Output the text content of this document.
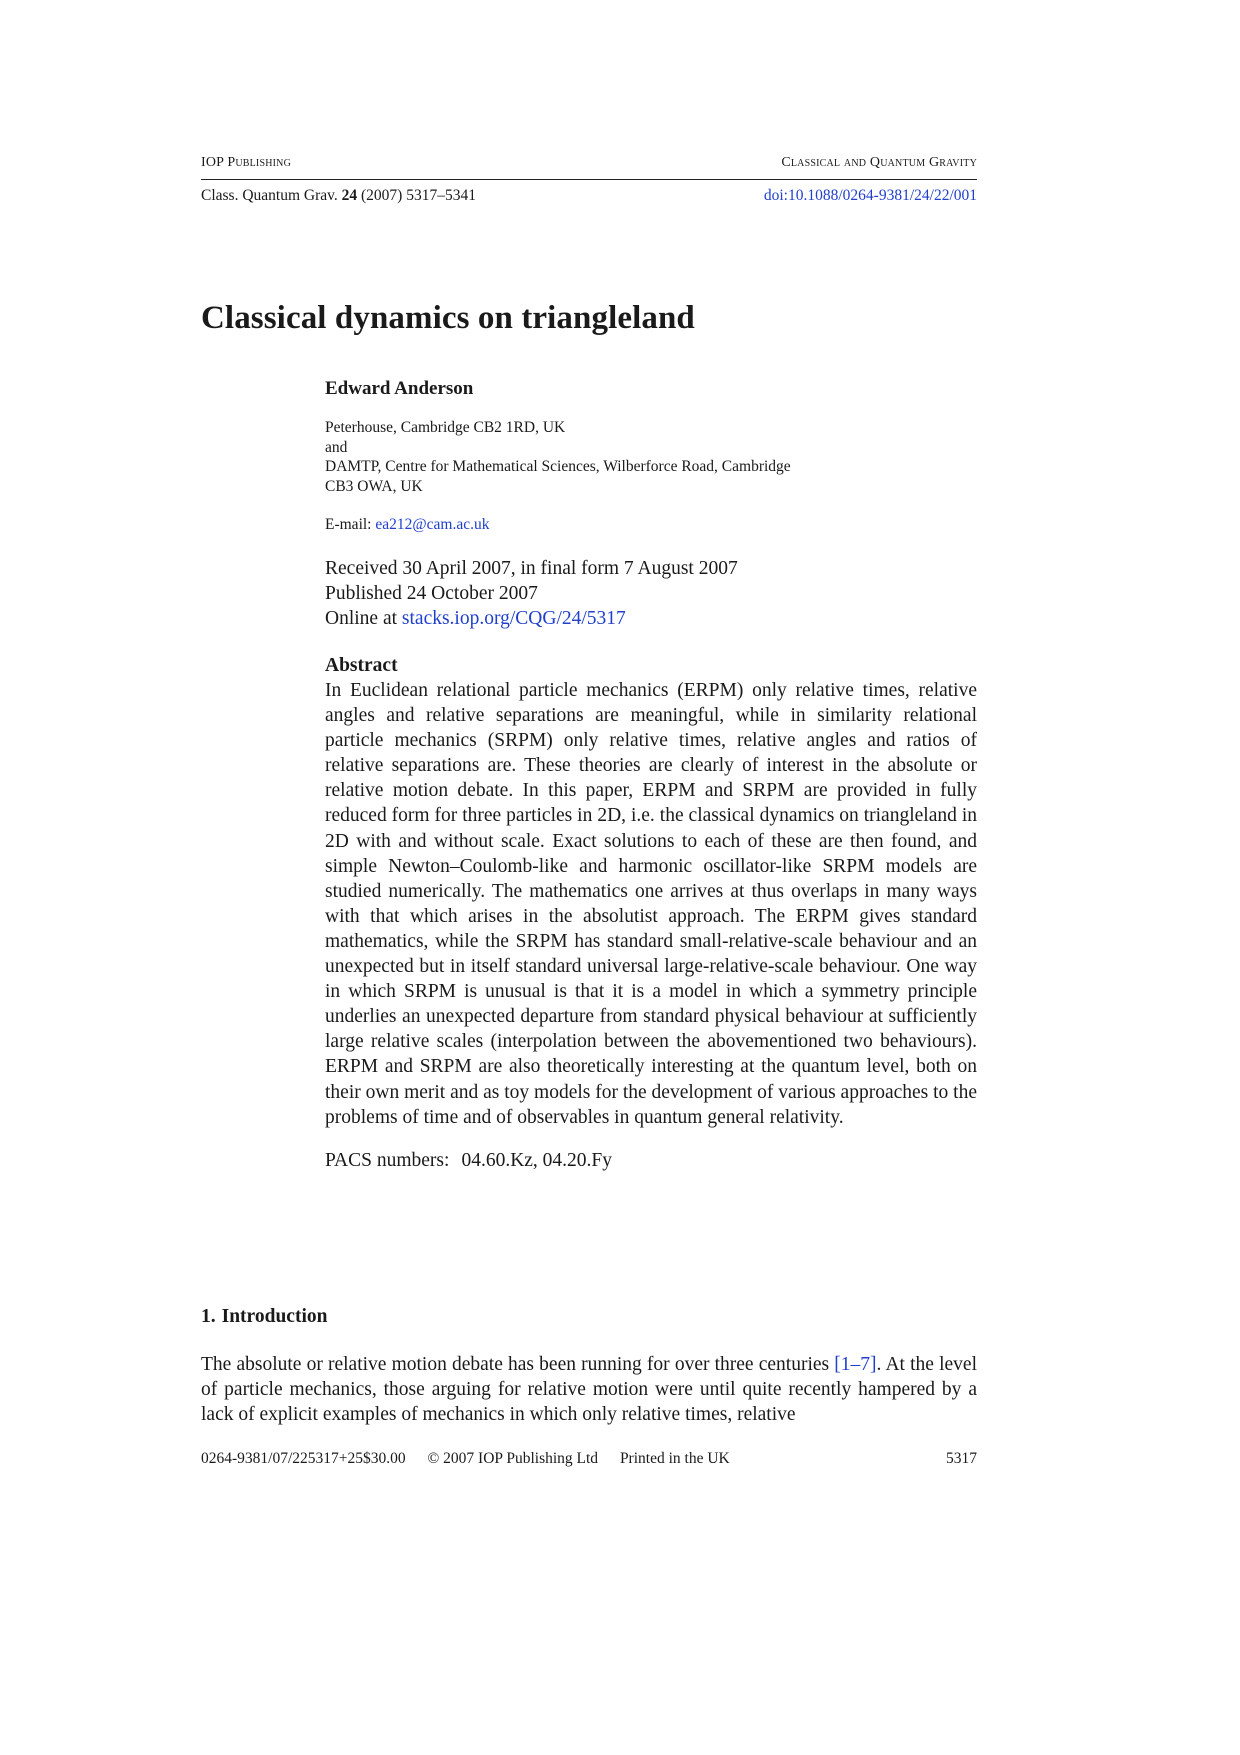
IOP Publishing	Classical and Quantum Gravity
Class. Quantum Grav. 24 (2007) 5317–5341	doi:10.1088/0264-9381/24/22/001
Classical dynamics on triangleland

Edward Anderson

Peterhouse, Cambridge CB2 1RD, UK
and
DAMTP, Centre for Mathematical Sciences, Wilberforce Road, Cambridge
CB3 OWA, UK

E-mail: ea212@cam.ac.uk

Received 30 April 2007, in final form 7 August 2007
Published 24 October 2007
Online at stacks.iop.org/CQG/24/5317

Abstract

In Euclidean relational particle mechanics (ERPM) only relative times, relative angles and relative separations are meaningful, while in similarity relational particle mechanics (SRPM) only relative times, relative angles and ratios of relative separations are. These theories are clearly of interest in the absolute or relative motion debate. In this paper, ERPM and SRPM are provided in fully reduced form for three particles in 2D, i.e. the classical dynamics on triangleland in 2D with and without scale. Exact solutions to each of these are then found, and simple Newton–Coulomb-like and harmonic oscillator-like SRPM models are studied numerically. The mathematics one arrives at thus overlaps in many ways with that which arises in the absolutist approach. The ERPM gives standard mathematics, while the SRPM has standard small-relative-scale behaviour and an unexpected but in itself standard universal large-relative-scale behaviour. One way in which SRPM is unusual is that it is a model in which a symmetry principle underlies an unexpected departure from standard physical behaviour at sufficiently large relative scales (interpolation between the abovementioned two behaviours). ERPM and SRPM are also theoretically interesting at the quantum level, both on their own merit and as toy models for the development of various approaches to the problems of time and of observables in quantum general relativity.

PACS numbers: 04.60.Kz, 04.20.Fy

1. Introduction

The absolute or relative motion debate has been running for over three centuries [1–7]. At the level of particle mechanics, those arguing for relative motion were until quite recently hampered by a lack of explicit examples of mechanics in which only relative times, relative

0264-9381/07/225317+25$30.00 © 2007 IOP Publishing Ltd Printed in the UK	5317
